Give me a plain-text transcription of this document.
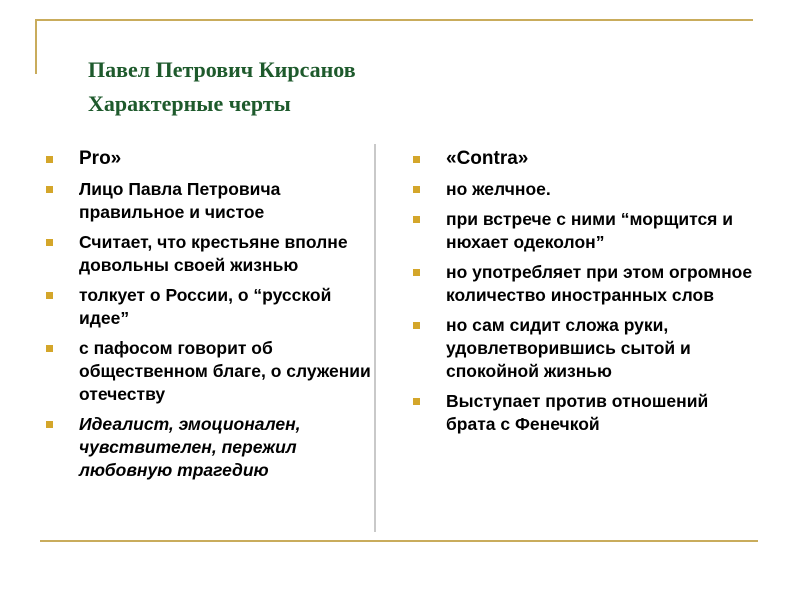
Павел Петрович Кирсанов
Характерные черты
Pro»
Лицо Павла Петровича правильное и чистое
Считает, что крестьяне вполне довольны своей жизнью
толкует о России, о “русской идее”
с пафосом говорит об общественном благе, о служении отечеству
Идеалист, эмоционален, чувствителен, пережил любовную трагедию
«Contra»
но желчное.
при встрече с ними “морщится и нюхает одеколон”
но употребляет при этом огромное количество иностранных слов
но сам сидит сложа руки, удовлетворившись сытой и спокойной жизнью
Выступает против отношений брата с Фенечкой
